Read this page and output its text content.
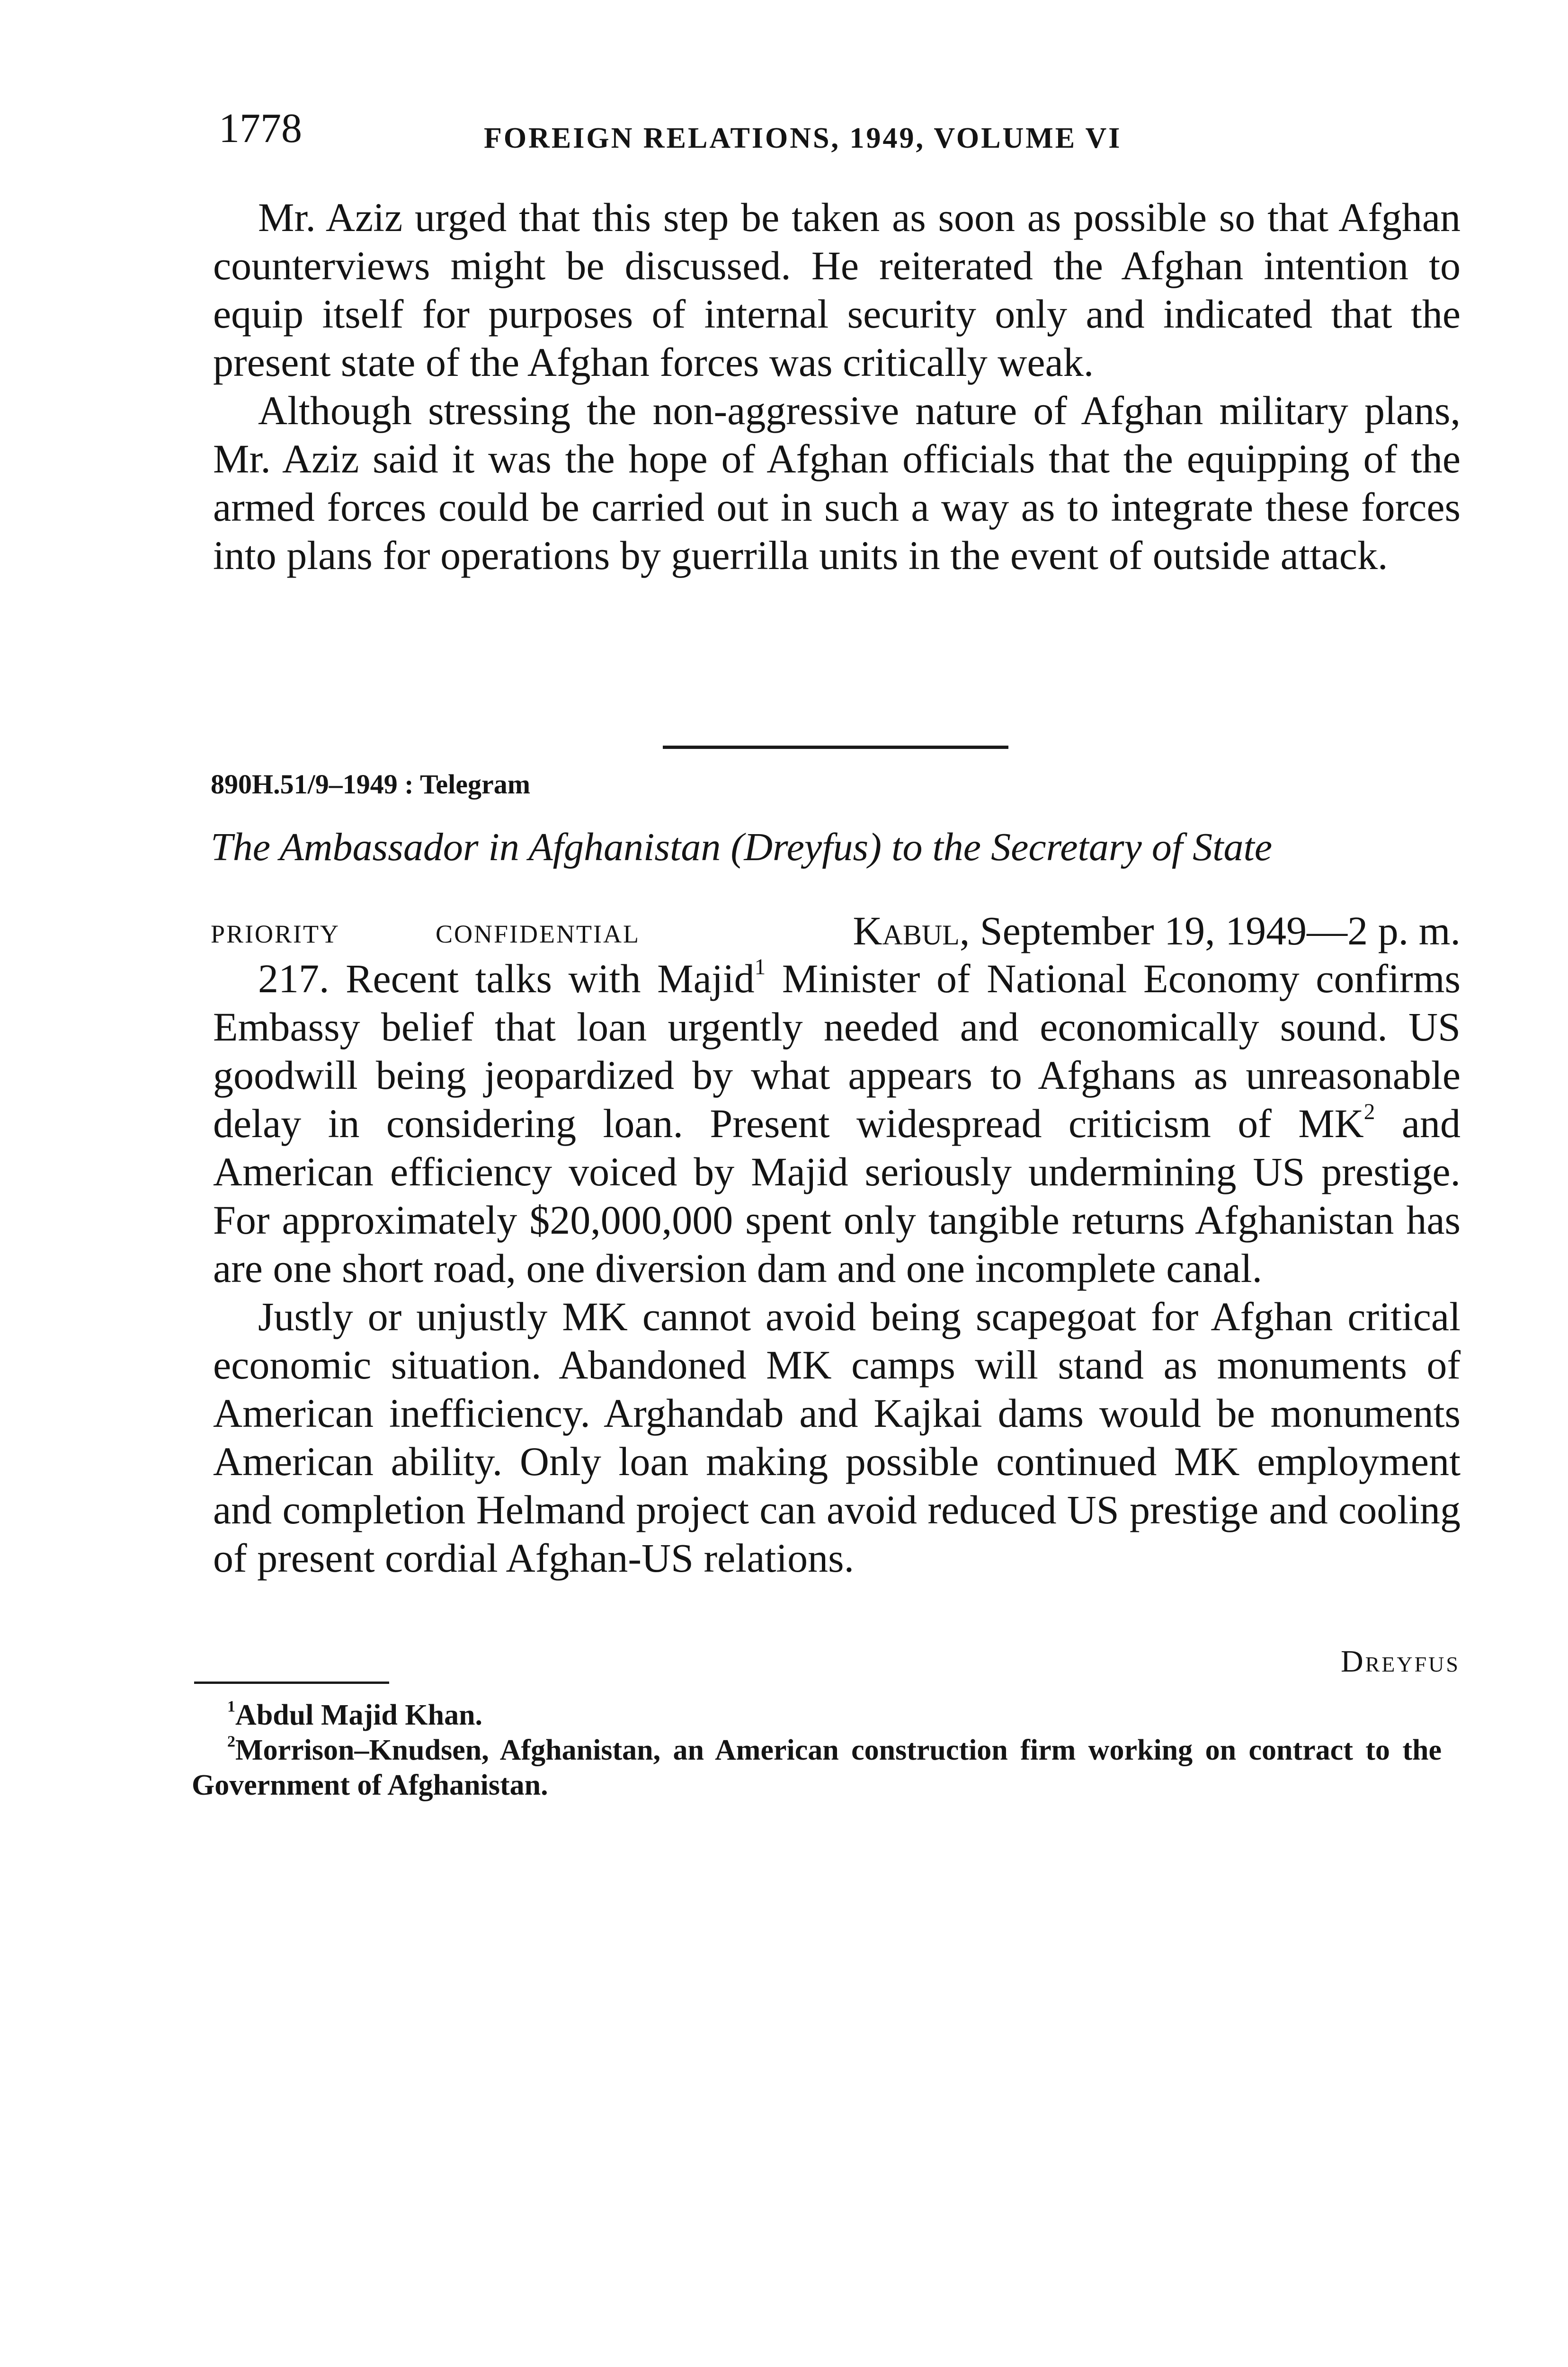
1778	FOREIGN RELATIONS, 1949, VOLUME VI

Mr. Aziz urged that this step be taken as soon as possible so that Afghan counterviews might be discussed. He reiterated the Afghan intention to equip itself for purposes of internal security only and indicated that the present state of the Afghan forces was critically weak.

Although stressing the non-aggressive nature of Afghan military plans, Mr. Aziz said it was the hope of Afghan officials that the equipping of the armed forces could be carried out in such a way as to integrate these forces into plans for operations by guerrilla units in the event of outside attack.

890H.51/9–1949 : Telegram
The Ambassador in Afghanistan (Dreyfus) to the Secretary of State
PRIORITY	CONFIDENTIAL	Kabul, September 19, 1949—2 p. m.

217. Recent talks with Majid$^1$ Minister of National Economy confirms Embassy belief that loan urgently needed and economically sound. US goodwill being jeopardized by what appears to Afghans as unreasonable delay in considering loan. Present widespread criticism of $MK^2$ and American efficiency voiced by Majid seriously undermining US prestige. For approximately $20,000,000 spent only tangible returns Afghanistan has are one short road, one diversion dam and one incomplete canal.

Justly or unjustly MK cannot avoid being scapegoat for Afghan critical economic situation. Abandoned MK camps will stand as monuments of American inefficiency. Arghandab and Kajkai dams would be monuments American ability. Only loan making possible continued MK employment and completion Helmand project can avoid reduced US prestige and cooling of present cordial Afghan-US relations.

Dreyfus

$^1$Abdul Majid Khan.

$^2$Morrison–Knudsen, Afghanistan, an American construction firm working on contract to the Government of Afghanistan.
